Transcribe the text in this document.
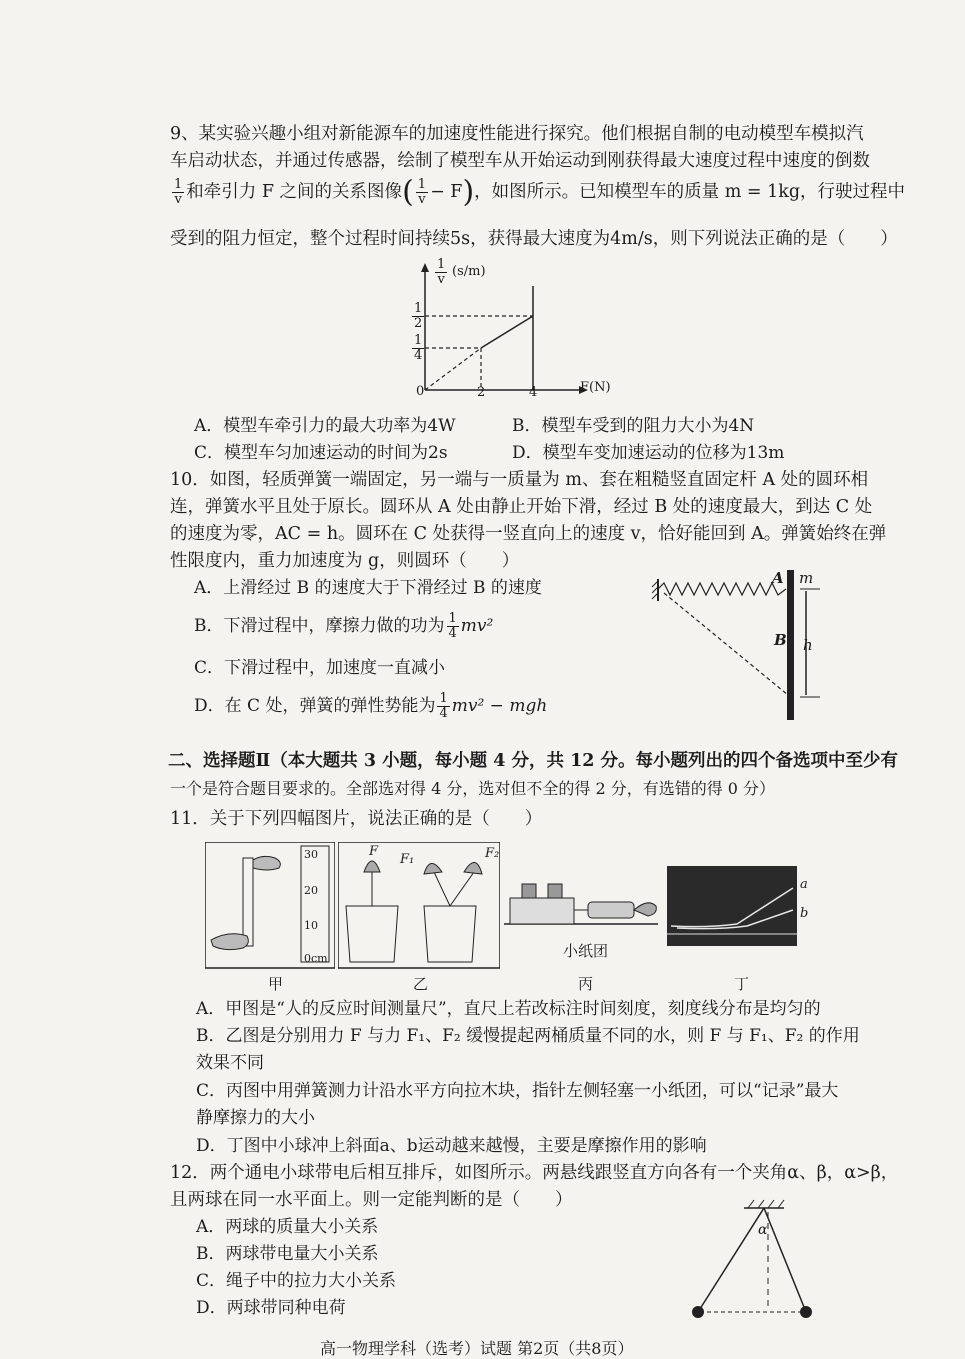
9、某实验兴趣小组对新能源车的加速度性能进行探究。他们根据自制的电动模型车模拟汽
车启动状态，并通过传感器，绘制了模型车从开始运动到刚获得最大速度过程中速度的倒数
$\frac{1}{v}$ 和牵引力 F 之间的关系图像( $\frac{1}{v} - F$)，如图所示。已知模型车的质量 m = 1kg，行驶过程中
受到的阻力恒定，整个过程时间持续5s，获得最大速度为4m/s，则下列说法正确的是（　　）
$\frac{1}{v} (s/m)$
$\frac{1}{2}$
$\frac{1}{4}$
0	2	4	F(N)
A．模型车牵引力的最大功率为4W	B．模型车受到的阻力大小为4N
C．模型车匀加速运动的时间为2s	D．模型车变加速运动的位移为13m
10．如图，轻质弹簧一端固定，另一端与一质量为 m、套在粗糙竖直固定杆 A 处的圆环相
连，弹簧水平且处于原长。圆环从 A 处由静止开始下滑，经过 B 处的速度最大，到达 C 处
的速度为零，AC = h。圆环在 C 处获得一竖直向上的速度 v，恰好能回到 A。弹簧始终在弹
性限度内，重力加速度为 g，则圆环（　　）
A．上滑经过 B 的速度大于下滑经过 B 的速度
B．下滑过程中，摩擦力做的功为 $\frac{1}{4} mv^2$
C．下滑过程中，加速度一直减小
D．在 C 处，弹簧的弹性势能为 $\frac{1}{4} mv^2$ − mgh
A m
B h
二、选择题Ⅱ（本大题共 3 小题，每小题 4 分，共 12 分。每小题列出的四个备选项中至少有
一个是符合题目要求的。全部选对得 4 分，选对但不全的得 2 分，有选错的得 0 分）
11．关于下列四幅图片，说法正确的是（　　）
30
20
10
0cm
F
F₁	F₂
小纸团
a
b
甲	乙	丙	丁
A．甲图是“人的反应时间测量尺”，直尺上若改标注时间刻度，刻度线分布是均匀的
B．乙图是分别用力 F 与力 F₁、F₂ 缓慢提起两桶质量不同的水，则 F 与 F₁、F₂ 的作用
效果不同
C．丙图中用弹簧测力计沿水平方向拉木块，指针左侧轻塞一小纸团，可以“记录”最大
静摩擦力的大小
D．丁图中小球冲上斜面a、b运动越来越慢，主要是摩擦作用的影响
12．两个通电小球带电后相互排斥，如图所示。两悬线跟竖直方向各有一个夹角α、β，α>β，
且两球在同一水平面上。则一定能判断的是（　　）
A．两球的质量大小关系
B．两球带电量大小关系
C．绳子中的拉力大小关系
D．两球带同种电荷
α
高一物理学科（选考）试题 第2页（共8页）
